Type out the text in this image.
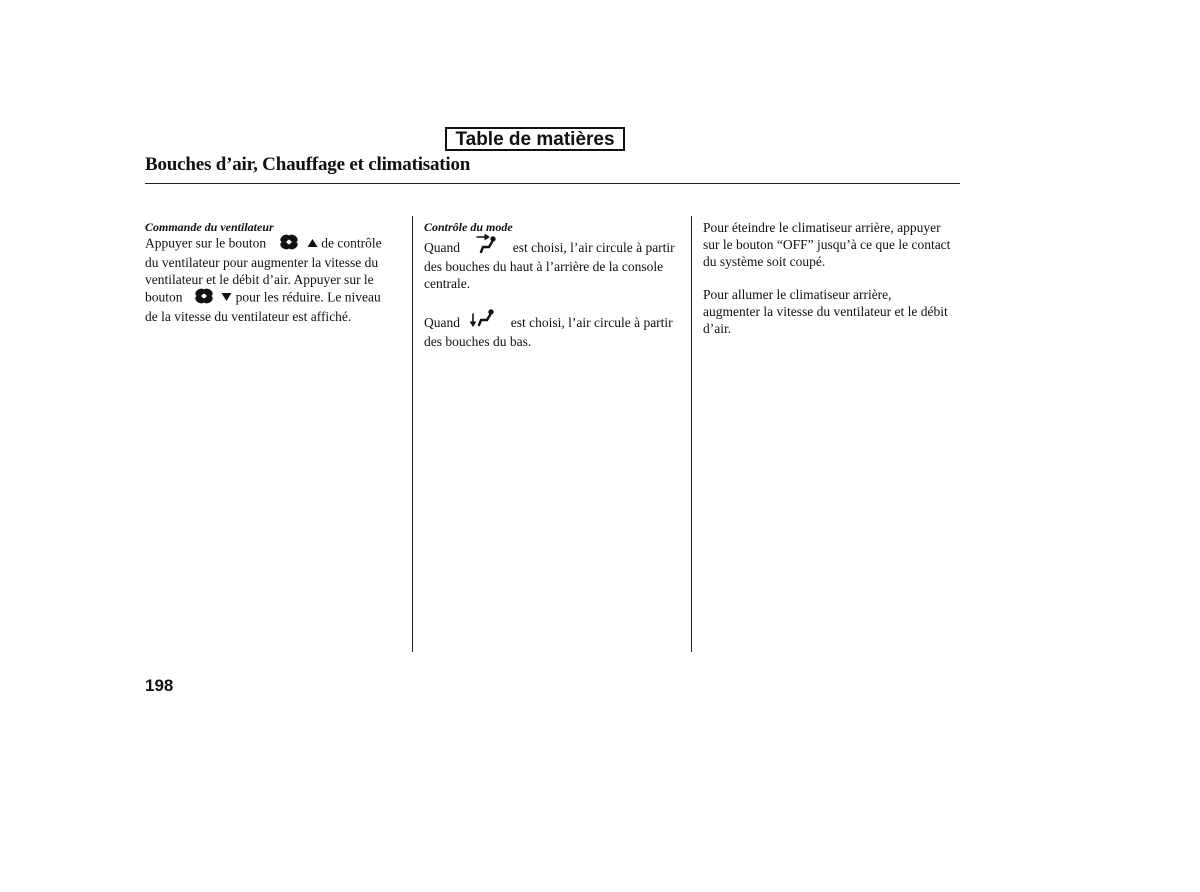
Table de matières
Bouches d’air, Chauffage et climatisation

Commande du ventilateur

Appuyer sur le bouton	de contrôle

du ventilateur pour augmenter la vitesse du

ventilateur et le débit d’air. Appuyer sur le

bouton	pour les réduire. Le niveau

de la vitesse du ventilateur est affiché.

Contrôle du mode

Quand	est choisi, l’air circule à partir

des bouches du haut à l’arrière de la console

centrale.

Quand	est choisi, l’air circule à partir

des bouches du bas.

Pour éteindre le climatiseur arrière, appuyer

sur le bouton “OFF” jusqu’à ce que le contact

du système soit coupé.

Pour allumer le climatiseur arrière,

augmenter la vitesse du ventilateur et le débit

d’air.

198
